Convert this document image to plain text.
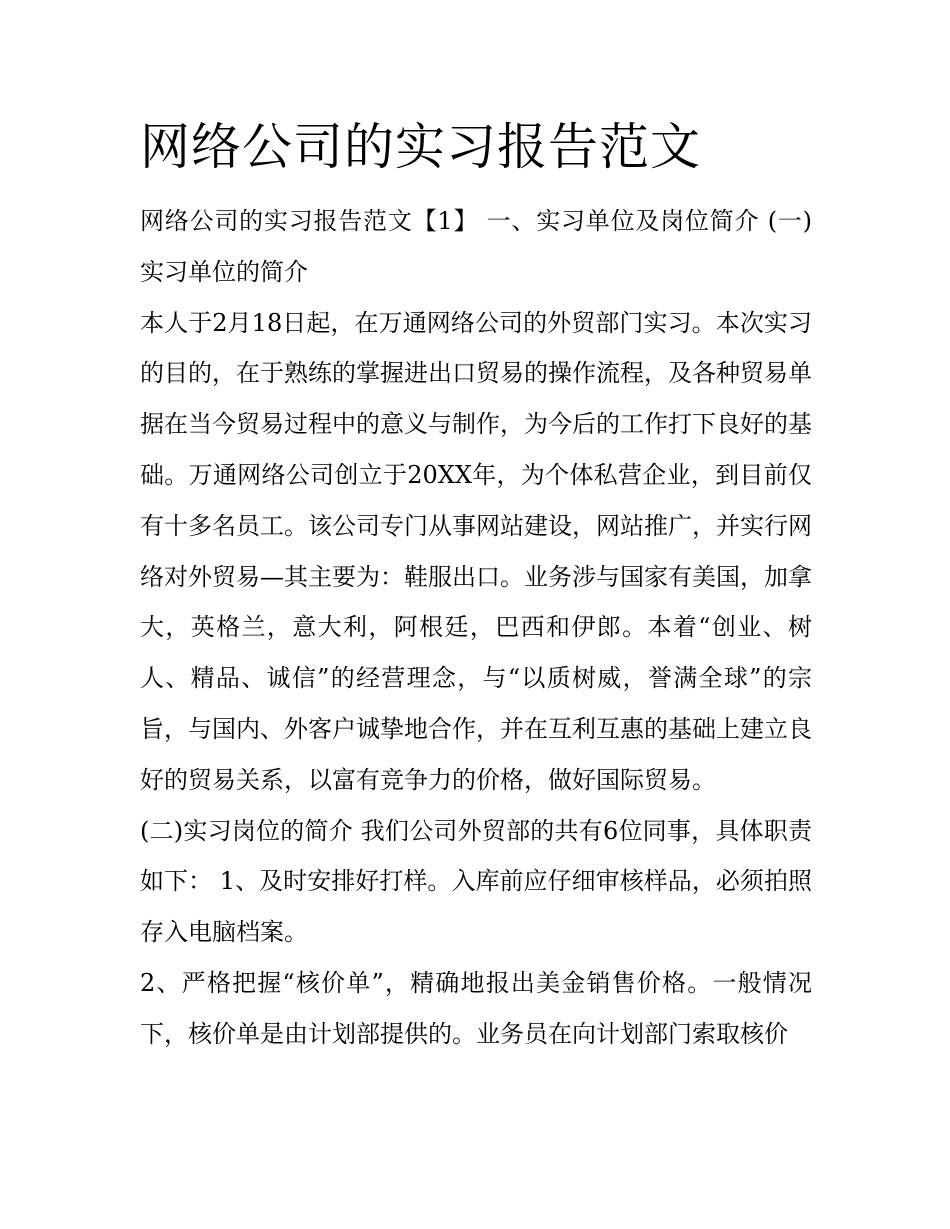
网络公司的实习报告范文

网络公司的实习报告范文【1】 一、实习单位及岗位简介 (一)实习单位的简介

本人于2月18日起，在万通网络公司的外贸部门实习。本次实习的目的，在于熟练的掌握进出口贸易的操作流程，及各种贸易单据在当今贸易过程中的意义与制作，为今后的工作打下良好的基础。万通网络公司创立于20XX年，为个体私营企业，到目前仅有十多名员工。该公司专门从事网站建设，网站推广，并实行网络对外贸易—其主要为：鞋服出口。业务涉与国家有美国，加拿大，英格兰，意大利，阿根廷，巴西和伊郎。本着“创业、树人、精品、诚信”的经营理念，与“以质树威，誉满全球”的宗旨，与国内、外客户诚挚地合作，并在互利互惠的基础上建立良好的贸易关系，以富有竞争力的价格，做好国际贸易。

(二)实习岗位的简介 我们公司外贸部的共有6位同事，具体职责如下： 1、及时安排好打样。入库前应仔细审核样品，必须拍照存入电脑档案。

2、严格把握“核价单”，精确地报出美金销售价格。一般情况下，核价单是由计划部提供的。业务员在向计划部门索取核价
